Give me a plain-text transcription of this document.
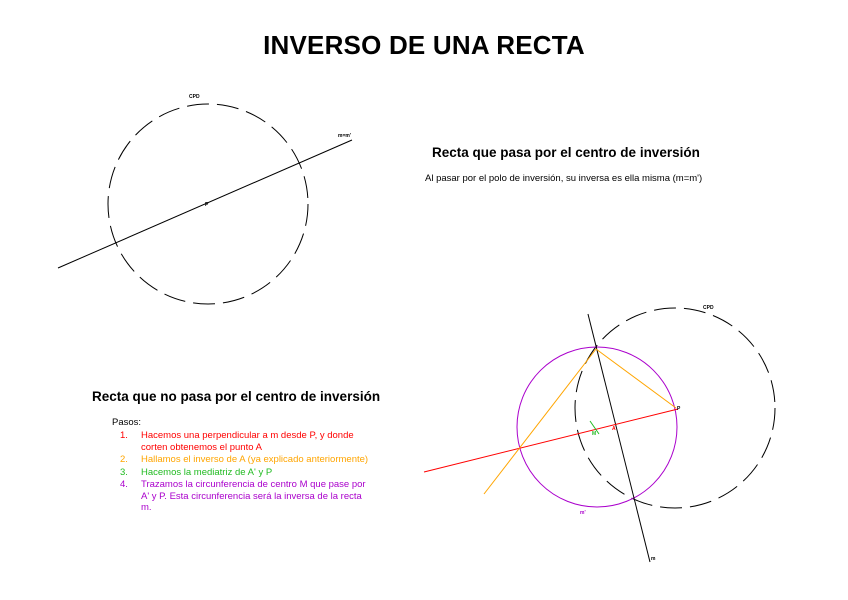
INVERSO DE UNA RECTA
CPD
m=m'
P
CPD
m
m'
P
A
M
Recta que pasa por el centro de inversión
Al pasar por el polo de inversión, su inversa es ella misma (m=m')
Recta que no pasa por el centro de inversión
Pasos:
1. Hacemos una perpendicular a m desde P, y donde corten obtenemos el punto A
2. Hallamos el inverso de A (ya explicado anteriormente)
3. Hacemos la mediatriz de A' y P
4. Trazamos la circunferencia de centro M que pase por A' y P. Esta circunferencia será la inversa de la recta m.
